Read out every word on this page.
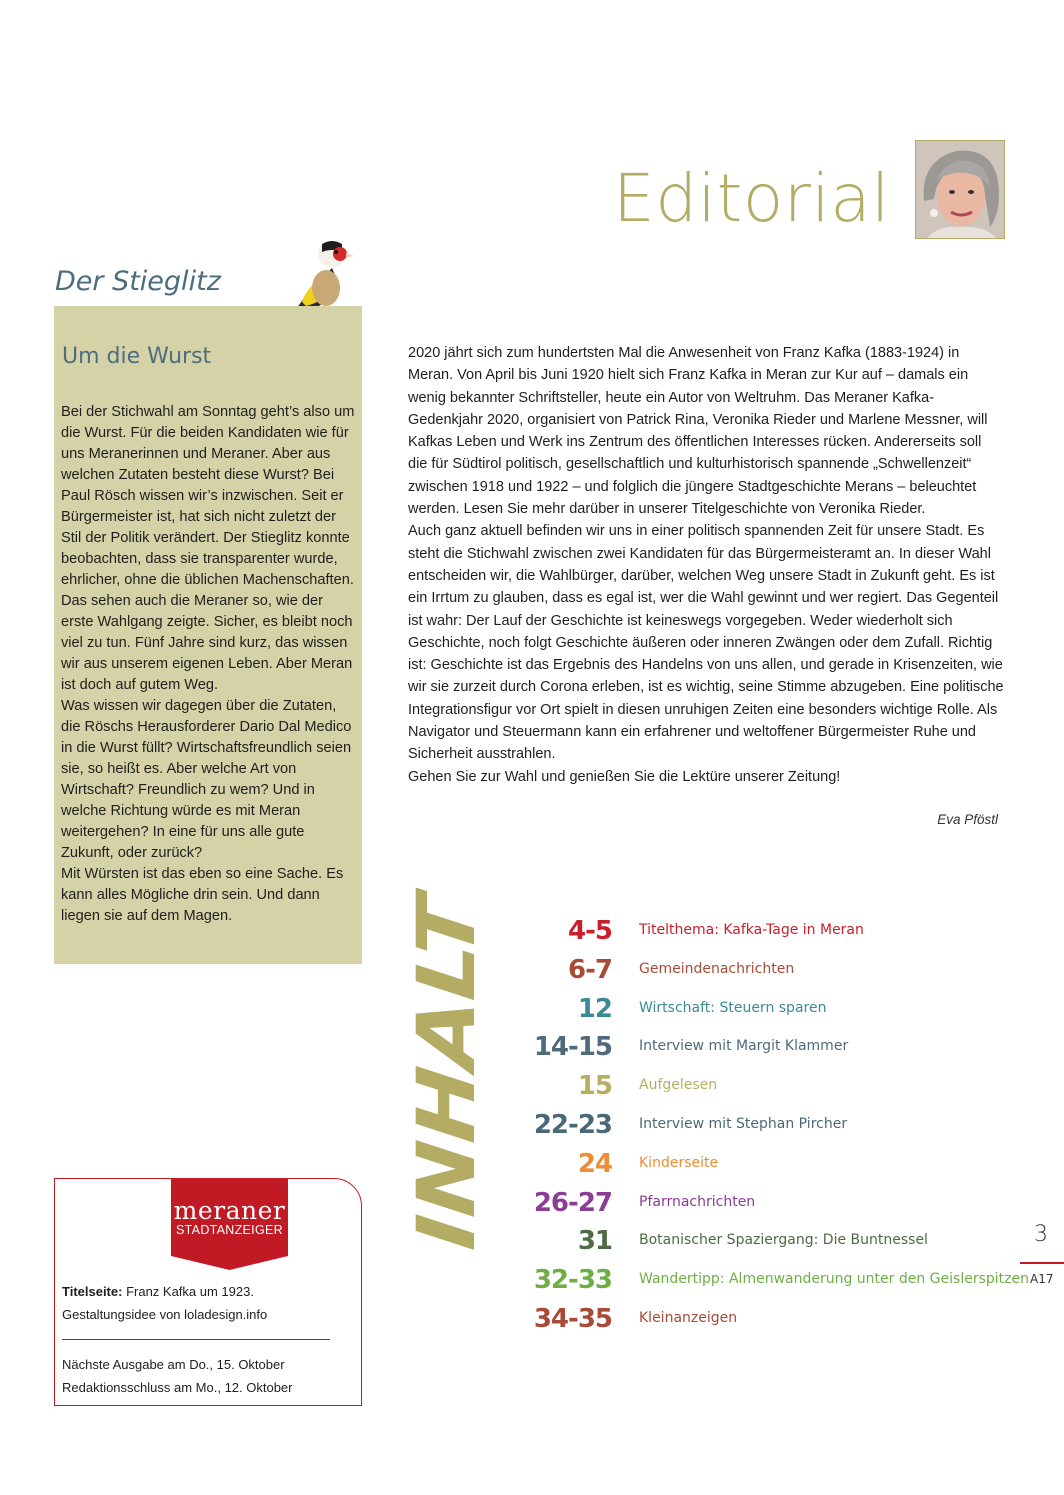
Editorial
Der Stieglitz
Um die Wurst

Bei der Stichwahl am Sonntag geht’s also um die Wurst. Für die beiden Kandidaten wie für uns Meranerinnen und Meraner. Aber aus welchen Zutaten besteht diese Wurst? Bei Paul Rösch wissen wir’s inzwischen. Seit er Bürgermeister ist, hat sich nicht zuletzt der Stil der Politik verändert. Der Stieglitz konnte beobachten, dass sie transparenter wurde, ehrlicher, ohne die üblichen Machenschaften. Das sehen auch die Meraner so, wie der erste Wahlgang zeigte. Sicher, es bleibt noch viel zu tun. Fünf Jahre sind kurz, das wissen wir aus unserem eigenen Leben. Aber Meran ist doch auf gutem Weg.

Was wissen wir dagegen über die Zutaten, die Röschs Herausforderer Dario Dal Medico in die Wurst füllt? Wirtschaftsfreundlich seien sie, so heißt es. Aber welche Art von Wirtschaft? Freundlich zu wem? Und in welche Richtung würde es mit Meran weitergehen? In eine für uns alle gute Zukunft, oder zurück?

Mit Würsten ist das eben so eine Sache. Es kann alles Mögliche drin sein. Und dann liegen sie auf dem Magen.

2020 jährt sich zum hundertsten Mal die Anwesenheit von Franz Kafka (1883-1924) in Meran. Von April bis Juni 1920 hielt sich Franz Kafka in Meran zur Kur auf – damals ein wenig bekannter Schriftsteller, heute ein Autor von Weltruhm. Das Meraner Kafka-Gedenkjahr 2020, organisiert von Patrick Rina, Veronika Rieder und Marlene Messner, will Kafkas Leben und Werk ins Zentrum des öffentlichen Interesses rücken. Andererseits soll die für Südtirol politisch, gesellschaftlich und kulturhistorisch spannende „Schwellenzeit“ zwischen 1918 und 1922 – und folglich die jüngere Stadtgeschichte Merans – beleuchtet werden. Lesen Sie mehr darüber in unserer Titelgeschichte von Veronika Rieder.

Auch ganz aktuell befinden wir uns in einer politisch spannenden Zeit für unsere Stadt. Es steht die Stichwahl zwischen zwei Kandidaten für das Bürgermeisteramt an. In dieser Wahl entscheiden wir, die Wahlbürger, darüber, welchen Weg unsere Stadt in Zukunft geht. Es ist ein Irrtum zu glauben, dass es egal ist, wer die Wahl gewinnt und wer regiert. Das Gegenteil ist wahr: Der Lauf der Geschichte ist keineswegs vorgegeben. Weder wiederholt sich Geschichte, noch folgt Geschichte äußeren oder inneren Zwängen oder dem Zufall. Richtig ist: Geschichte ist das Ergebnis des Handelns von uns allen, und gerade in Krisenzeiten, wie wir sie zurzeit durch Corona erleben, ist es wichtig, seine Stimme abzugeben. Eine politische Integrationsfigur vor Ort spielt in diesen unruhigen Zeiten eine besonders wichtige Rolle. Als Navigator und Steuermann kann ein erfahrener und weltoffener Bürgermeister Ruhe und Sicherheit ausstrahlen.

Gehen Sie zur Wahl und genießen Sie die Lektüre unserer Zeitung!

Eva Pföstl
INHALT	4-5 Titelthema: Kafka-Tage in Meran
6-7 Gemeindenachrichten
12 Wirtschaft: Steuern sparen
14-15 Interview mit Margit Klammer
15 Aufgelesen
22-23 Interview mit Stephan Pircher
24 Kinderseite
26-27 Pfarrnachrichten
31 Botanischer Spaziergang: Die Buntnessel
32-33 Wandertipp: Almenwanderung unter den Geislerspitzen
34-35 Kleinanzeigen
3
A17
meraner
STADTANZEIGER
Titelseite: Franz Kafka um 1923.
Gestaltungsidee von loladesign.info
Nächste Ausgabe am Do., 15. Oktober
Redaktionsschluss am Mo., 12. Oktober
